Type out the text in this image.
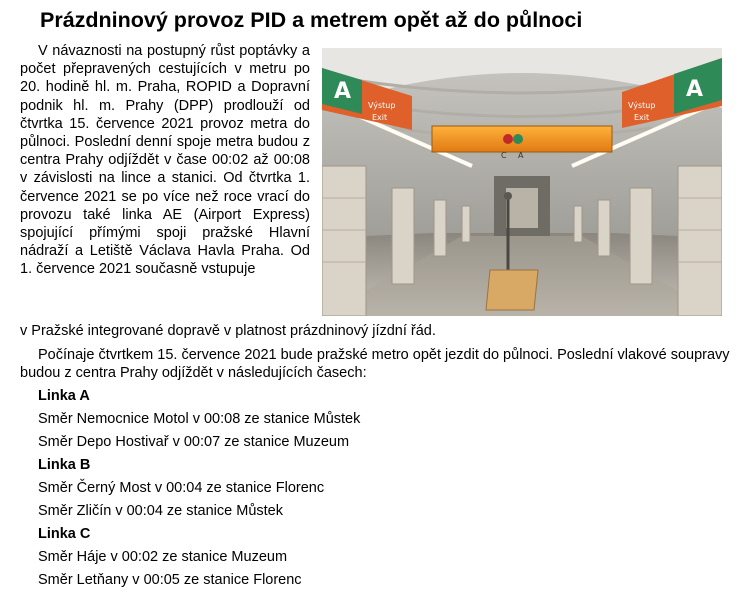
Prázdninový provoz PID a metrem opět až do půlnoci
C A
A
Výstup
Exit
A
Výstup
Exit

V návaznosti na postupný růst poptávky a počet přepravených cestujících v metru po 20. hodině hl. m. Praha, ROPID a Dopravní podnik hl. m. Prahy (DPP) prodlouží od čtvrtka 15. července 2021 provoz metra do půlnoci. Poslední denní spoje metra budou z centra Prahy odjíždět v čase 00:02 až 00:08 v závislosti na lince a stanici. Od čtvrtka 1. července 2021 se po více než roce vrací do provozu také linka AE (Airport Express) spojující přímými spoji pražské Hlavní nádraží a Letiště Václava Havla Praha. Od 1. července 2021 současně vstupuje

v Pražské integrované dopravě v platnost prázdninový jízdní řád.

Počínaje čtvrtkem 15. července 2021 bude pražské metro opět jezdit do půlnoci. Poslední vlakové soupravy budou z centra Prahy odjíždět v následujících časech:

Linka A
Směr Nemocnice Motol v 00:08 ze stanice Můstek
Směr Depo Hostivař v 00:07 ze stanice Muzeum
Linka B
Směr Černý Most v 00:04 ze stanice Florenc
Směr Zličín v 00:04 ze stanice Můstek
Linka C
Směr Háje v 00:02 ze stanice Muzeum
Směr Letňany v 00:05 ze stanice Florenc
